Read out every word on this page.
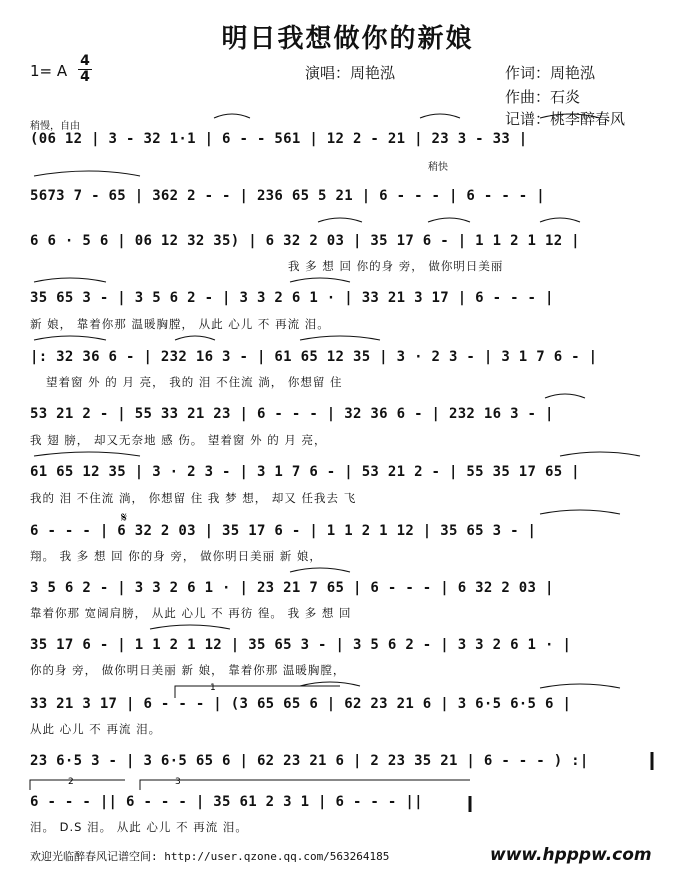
明日我想做你的新娘
1= A
4
4	演唱：周艳泓	作词：周艳泓
作曲：石炎
记谱：桃李醉春风
稍慢，自由
稍快
(06 12 | 3 - 32 1·1 | 6 - - 561 | 12 2 - 21 | 23 3 - 33 |
5673 7 - 65 | 362 2 - - | 236 65 5 21 | 6 - - - | 6 - - - |
6 6 · 5 6 | 06 12 32 35) | 6 32 2 03 | 35 17 6 - | 1 1 2 1 12 |
35 65 3 - | 3 5 6 2 - | 3 3 2 6 1 · | 33 21 3 17 | 6 - - - |
|: 32 36 6 - | 232 16 3 - | 61 65 12 35 | 3 · 2 3 - | 3 1 7 6 - |
53 21 2 - | 55 33 21 23 | 6 - - - | 32 36 6 - | 232 16 3 - |
61 65 12 35 | 3 · 2 3 - | 3 1 7 6 - | 53 21 2 - | 55 35 17 65 |
6 - - - | 6 32 2 03 | 35 17 6 - | 1 1 2 1 12 | 35 65 3 - |
3 5 6 2 - | 3 3 2 6 1 · | 23 21 7 65 | 6 - - - | 6 32 2 03 |
35 17 6 - | 1 1 2 1 12 | 35 65 3 - | 3 5 6 2 - | 3 3 2 6 1 · |
33 21 3 17 | 6 - - - | (3 65 65 6 | 62 23 21 6 | 3 6·5 6·5 6 |
23 6·5 3 - | 3 6·5 65 6 | 62 23 21 6 | 2 23 35 21 | 6 - - - ) :|
6 - - - || 6 - - - | 35 61 2 3 1 | 6 - - - ||
我 多 想 回 你的身 旁， 做你明日美丽
新 娘， 靠着你那 温暖胸膛， 从此 心儿 不 再流 泪。
望着窗 外 的 月 亮， 我的 泪 不住流 淌， 你想留 住
我 翅 膀， 却又无奈地 感 伤。 望着窗 外 的 月 亮，
我的 泪 不住流 淌， 你想留 住 我 梦 想， 却又 任我去 飞
翔。 我 多 想 回 你的身 旁， 做你明日美丽 新 娘，
靠着你那 宽阔肩膀， 从此 心儿 不 再彷 徨。 我 多 想 回
你的身 旁， 做你明日美丽 新 娘， 靠着你那 温暖胸膛，
从此 心儿 不 再流 泪。
泪。 D.S 泪。 从此 心儿 不 再流 泪。
1
2	3
𝄋
欢迎光临醉春风记谱空间: http://user.qzone.qq.com/563264185	www.hpppw.com
